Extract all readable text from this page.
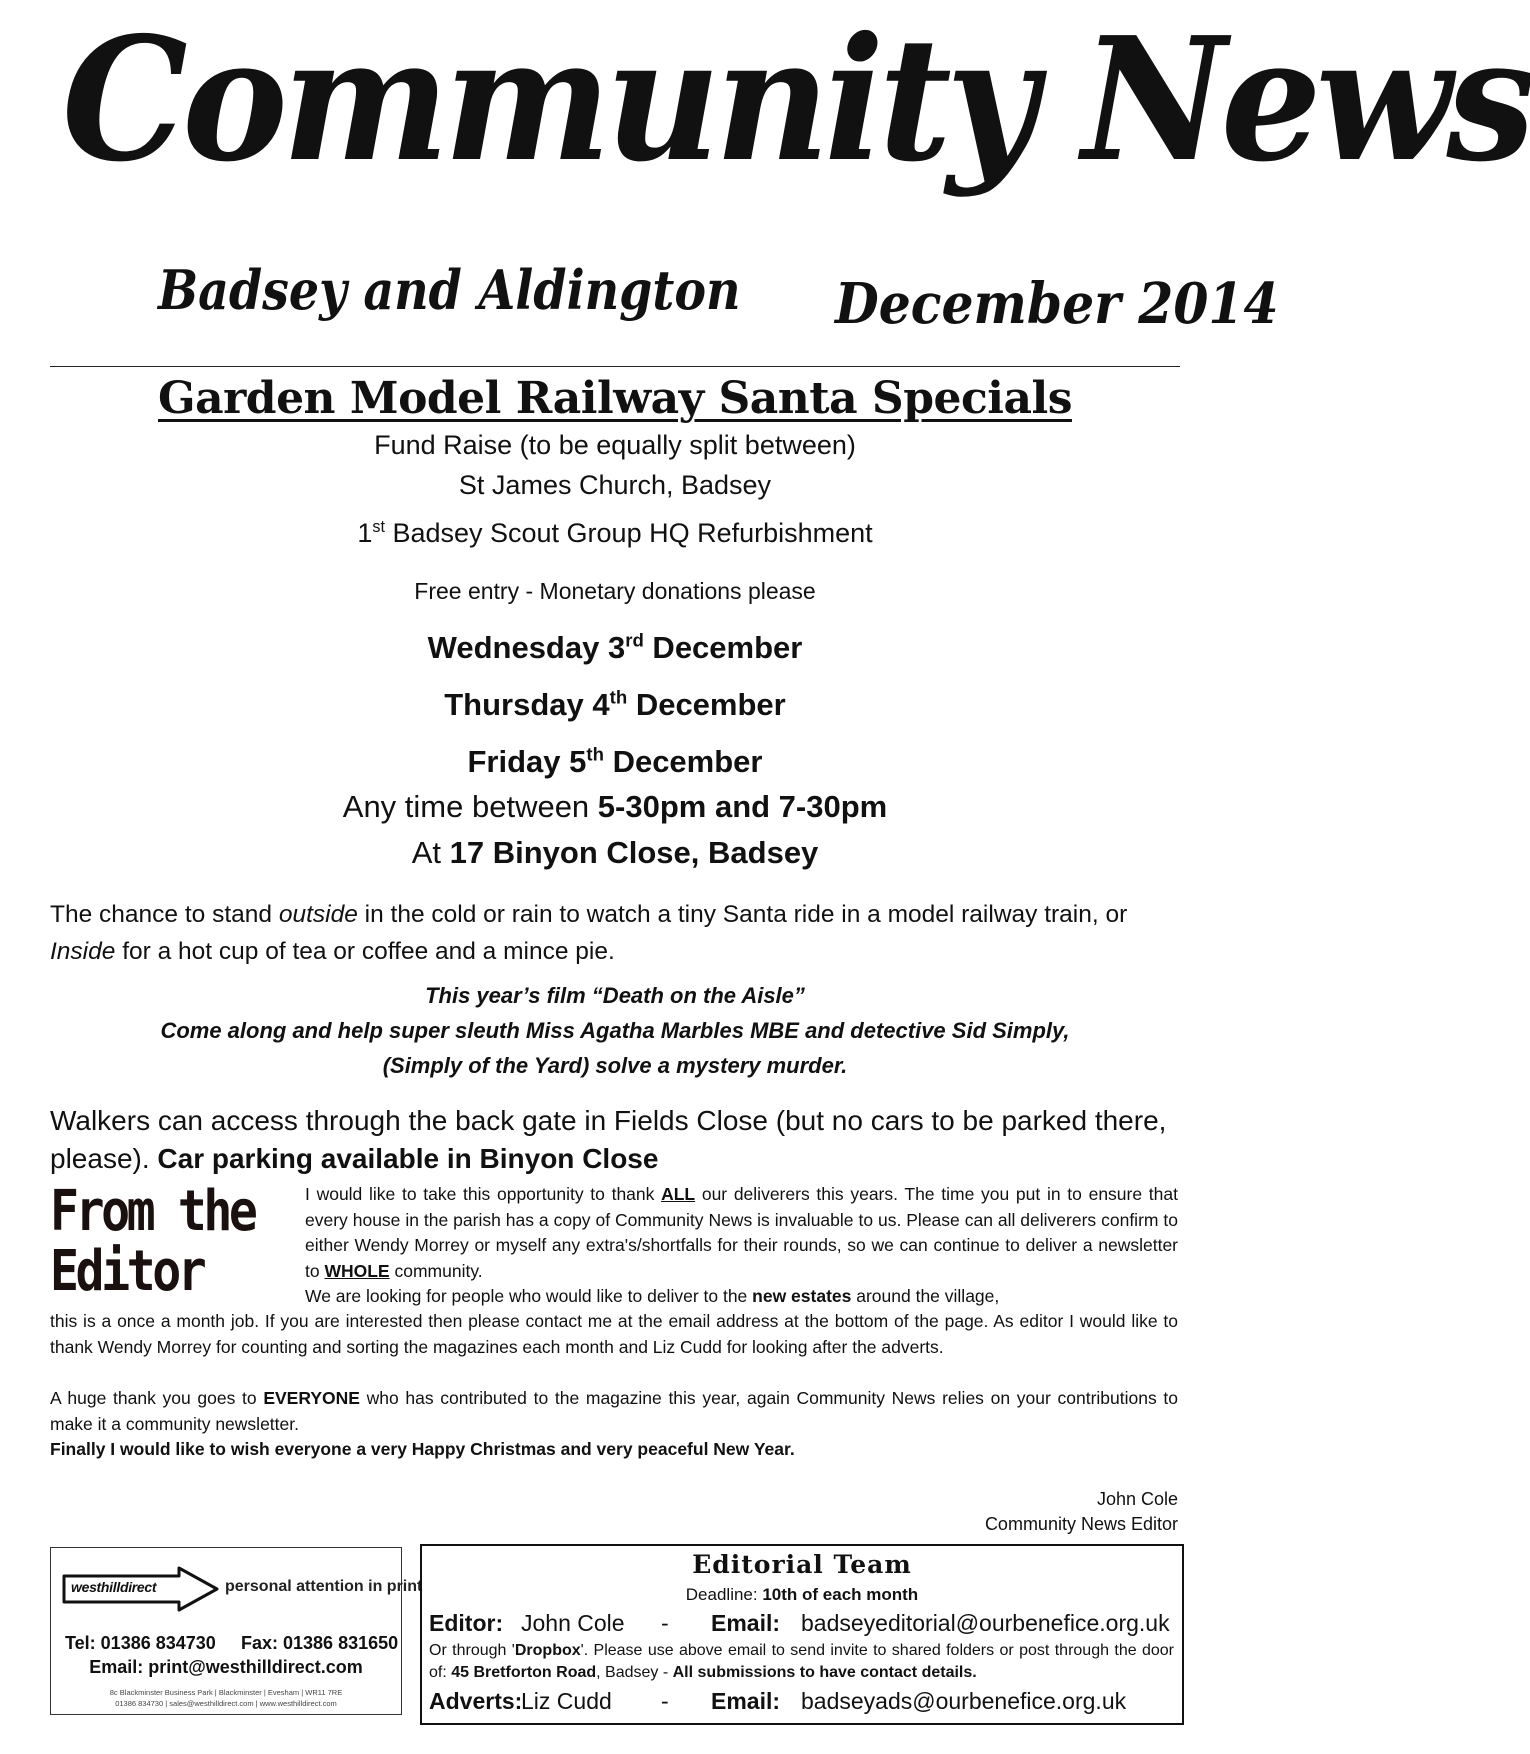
Community News
Badsey and Aldington December 2014
Garden Model Railway Santa Specials
Fund Raise (to be equally split between)
St James Church, Badsey
1st Badsey Scout Group HQ Refurbishment
Free entry - Monetary donations please
Wednesday 3rd December
Thursday 4th December
Friday 5th December
Any time between 5-30pm and 7-30pm
At 17 Binyon Close, Badsey
The chance to stand outside in the cold or rain to watch a tiny Santa ride in a model railway train, or Inside for a hot cup of tea or coffee and a mince pie.
This year’s film “Death on the Aisle”
Come along and help super sleuth Miss Agatha Marbles MBE and detective Sid Simply,
(Simply of the Yard) solve a mystery murder.
Walkers can access through the back gate in Fields Close (but no cars to be parked there, please). Car parking available in Binyon Close
From the
Editor
I would like to take this opportunity to thank ALL our deliverers this years. The time you put in to ensure that every house in the parish has a copy of Community News is invaluable to us. Please can all deliverers confirm to either Wendy Morrey or myself any extra's/shortfalls for their rounds, so we can continue to deliver a newsletter to WHOLE community.
We are looking for people who would like to deliver to the new estates around the village,
this is a once a month job. If you are interested then please contact me at the email address at the bottom of the page. As editor I would like to thank Wendy Morrey for counting and sorting the magazines each month and Liz Cudd for looking after the adverts.
A huge thank you goes to EVERYONE who has contributed to the magazine this year, again Community News relies on your contributions to make it a community newsletter.
Finally I would like to wish everyone a very Happy Christmas and very peaceful New Year.
John Cole
Community News Editor
westhilldirect	personal attention in print
Tel: 01386 834730 Fax: 01386 831650
Email: print@westhilldirect.com
8c Blackminster Business Park | Blackminster | Evesham | WR11 7RE
01386 834730 | sales@westhilldirect.com | www.westhilldirect.com
Editorial Team
Deadline: 10th of each month
Editor: John Cole - Email: badseyeditorial@ourbenefice.org.uk
Or through 'Dropbox'. Please use above email to send invite to shared folders or post through the door of: 45 Bretforton Road, Badsey - All submissions to have contact details.
Adverts:
Liz Cudd - Email: badseyads@ourbenefice.org.uk
